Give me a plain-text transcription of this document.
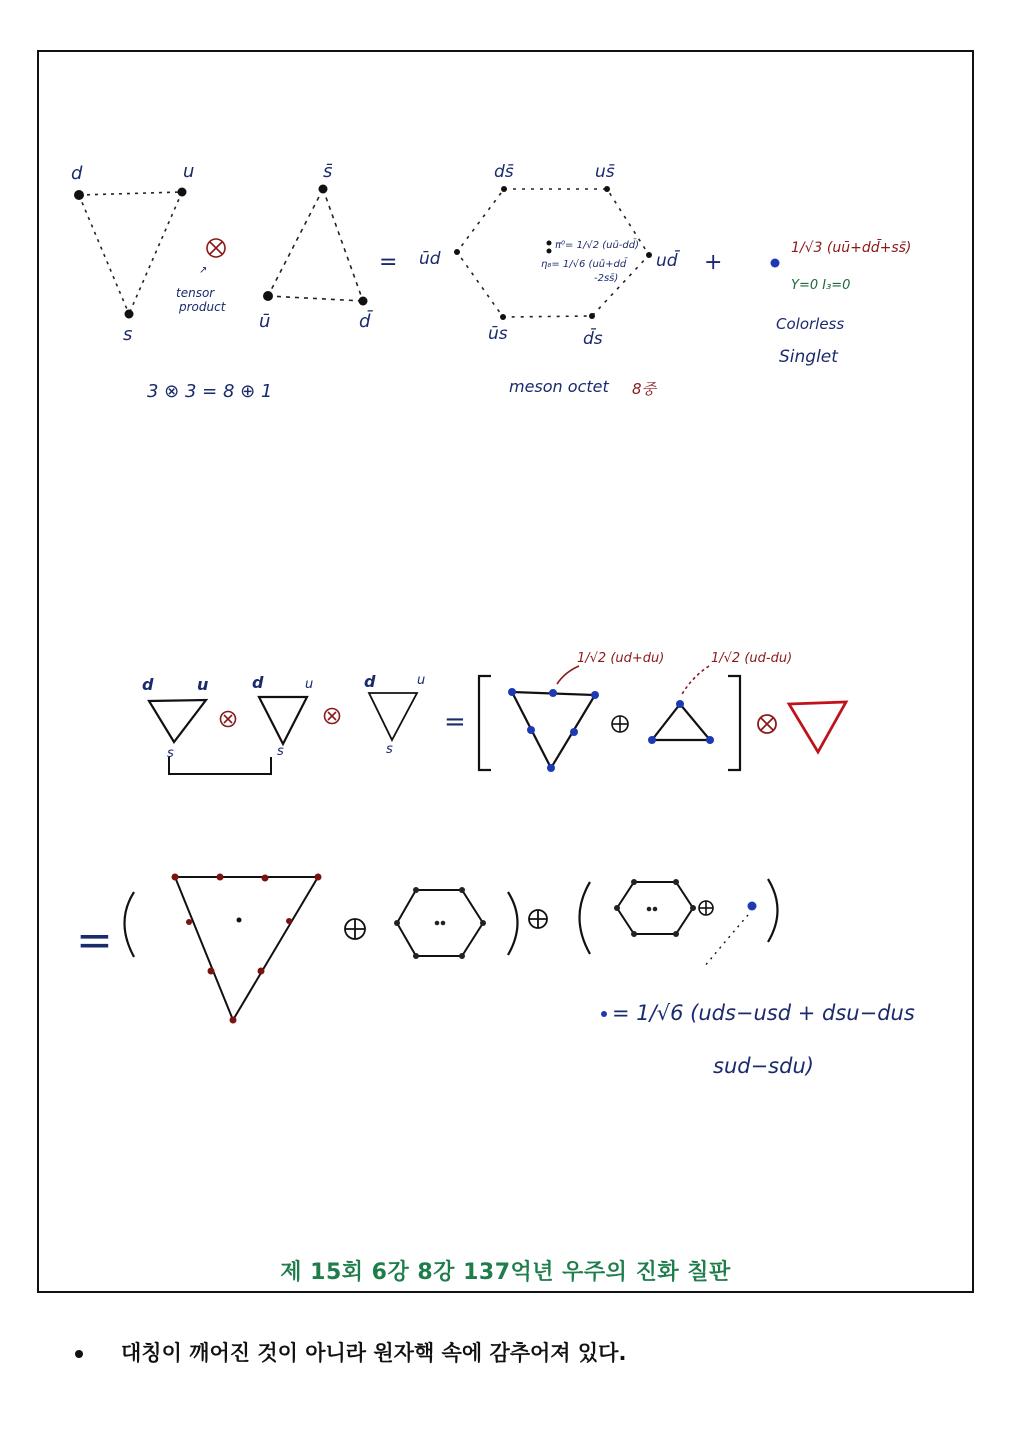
d	u
s
↗
tensor
product
s̄
ū	d̄
=
ds̄	us̄
ūd	ud̄
ūs	d̄s
π⁰= 1/√2 (uū-dd̄)
η₈= 1/√6 (uū+dd̄
-2ss̄)
+
1/√3 (uū+dd̄+ss̄)
Y=0 I₃=0
Colorless
Singlet
3 ⊗ 3 = 8 ⊕ 1	meson octet 8중
d	u
s
d	u
s
d	u
s
=
1/√2 (ud+du)	1/√2 (ud-du)
=
= 1/√6 (uds−usd + dsu−dus
sud−sdu)
제 15회 6강 8강 137억년 우주의 진화 칠판
대칭이 깨어진 것이 아니라 원자핵 속에 감추어져 있다.
